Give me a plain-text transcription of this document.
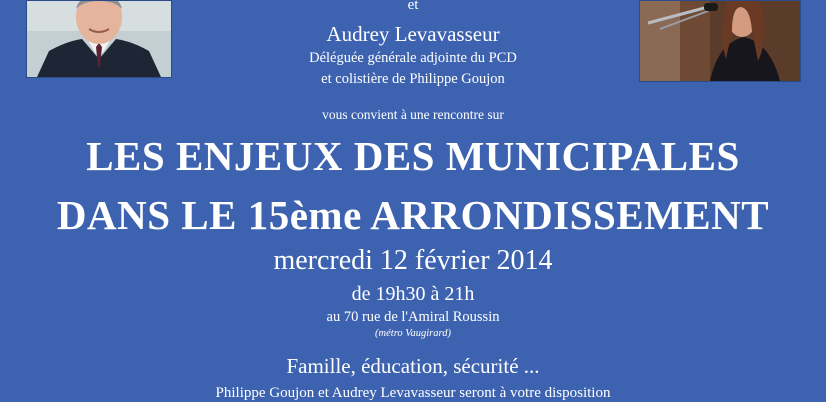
et
Audrey Levavasseur
Déléguée générale adjointe du PCD
et colistière de Philippe Goujon
vous convient à une rencontre sur
LES ENJEUX DES MUNICIPALES
DANS LE 15ème ARRONDISSEMENT
mercredi 12 février 2014
de 19h30 à 21h
au 70 rue de l'Amiral Roussin
(métro Vaugirard)
Famille, éducation, sécurité ...
Philippe Goujon et Audrey Levavasseur seront à votre disposition
